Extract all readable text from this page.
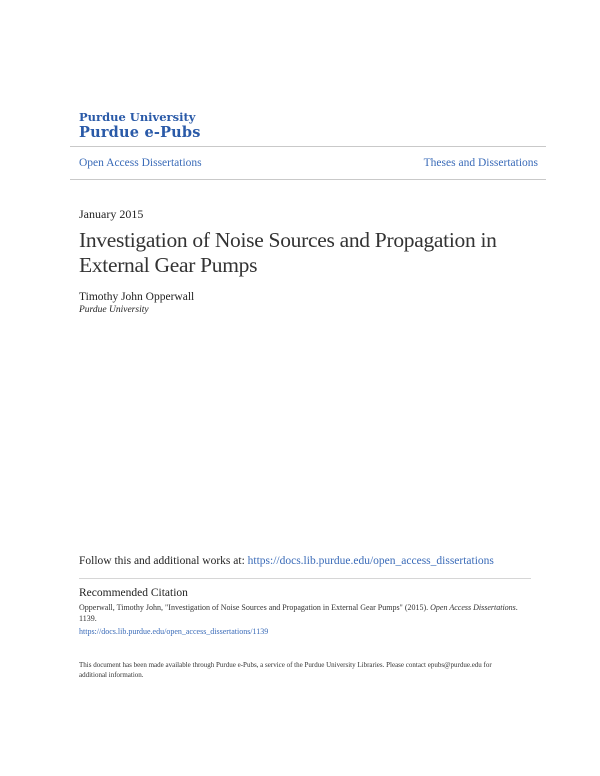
Purdue University
Purdue e-Pubs
Open Access Dissertations	Theses and Dissertations
January 2015
Investigation of Noise Sources and Propagation in External Gear Pumps
Timothy John Opperwall
Purdue University
Follow this and additional works at: https://docs.lib.purdue.edu/open_access_dissertations
Recommended Citation
Opperwall, Timothy John, "Investigation of Noise Sources and Propagation in External Gear Pumps" (2015). Open Access Dissertations. 1139.
https://docs.lib.purdue.edu/open_access_dissertations/1139
This document has been made available through Purdue e-Pubs, a service of the Purdue University Libraries. Please contact epubs@purdue.edu for additional information.
